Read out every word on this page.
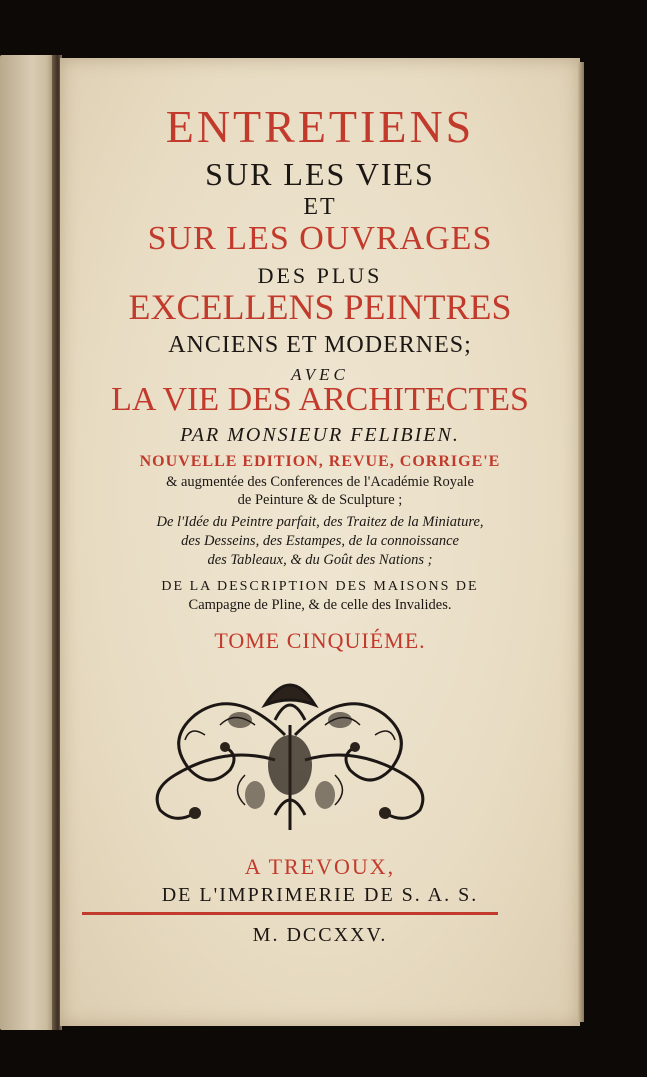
ENTRETIENS
SUR LES VIES
ET
SUR LES OUVRAGES
DES PLUS
EXCELLENS PEINTRES
ANCIENS ET MODERNES;
AVEC
LA VIE DES ARCHITECTES
PAR MONSIEUR FELIBIEN.
NOUVELLE EDITION, REVUE, CORRIGE'E
& augmentée des Conferences de l'Académie Royale
de Peinture & de Sculpture ;
De l'Idée du Peintre parfait, des Traitez de la Miniature,
des Desseins, des Estampes, de la connoissance
des Tableaux, & du Goût des Nations ;
DE LA DESCRIPTION DES MAISONS DE
Campagne de Pline, & de celle des Invalides.
TOME CINQUIÉME.
A TREVOUX,
DE L'IMPRIMERIE DE S. A. S.
M. DCCXXV.
